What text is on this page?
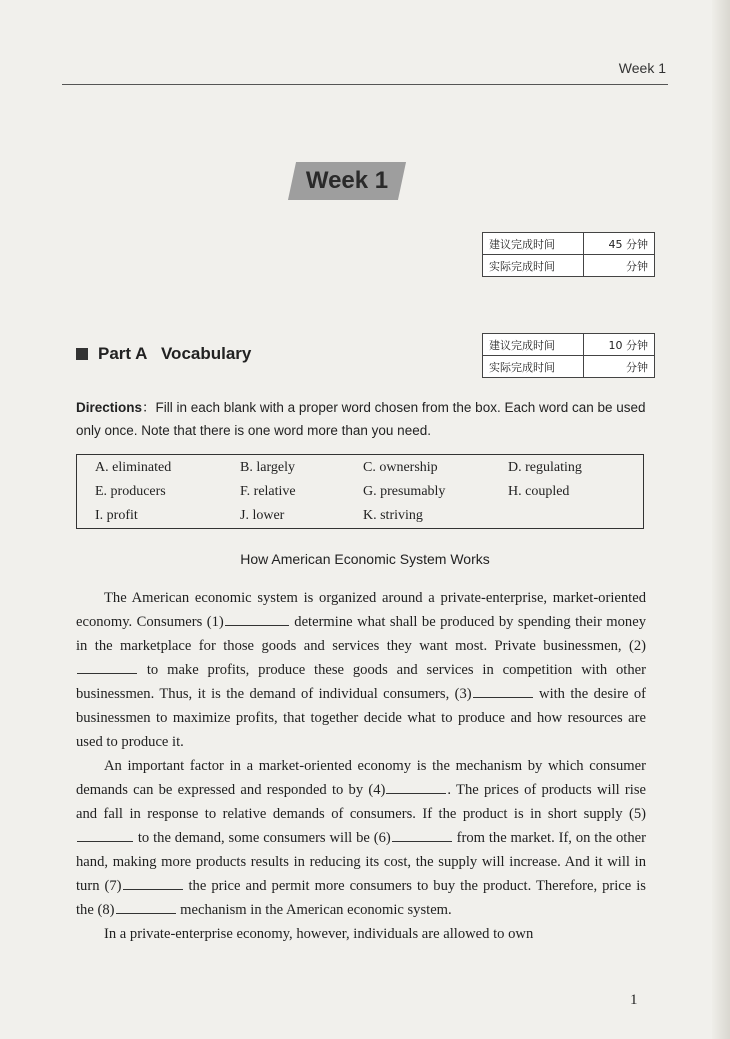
Week 1
Week 1
建议完成时间	45 分钟
实际完成时间	分钟
建议完成时间	10 分钟
实际完成时间	分钟
Part A   Vocabulary
Directions：Fill in each blank with a proper word chosen from the box. Each word can be used only once. Note that there is one word more than you need.
A. eliminated	B. largely	C. ownership	D. regulating
E. producers	F. relative	G. presumably	H. coupled
I. profit	J. lower	K. striving
How American Economic System Works

The American economic system is organized around a private-enterprise, market-oriented economy. Consumers (1)	determine what shall be produced by spending their money in the marketplace for those goods and services they want most. Private businessmen, (2) to make profits, produce these goods and services in competition with other businessmen. Thus, it is the demand of individual consumers, (3)	with the desire of businessmen to maximize profits, that together decide what to produce and how resources are used to produce it.

An important factor in a market-oriented economy is the mechanism by which consumer demands can be expressed and responded to by (4)	. The prices of products will rise and fall in response to relative demands of consumers. If the product is in short supply (5) to the demand, some consumers will be (6)	from the market. If, on the other hand, making more products results in reducing its cost, the supply will increase. And it will in turn (7)	the price and permit more consumers to buy the product. Therefore, price is the (8)	mechanism in the American economic system.

In a private-enterprise economy, however, individuals are allowed to own

1
